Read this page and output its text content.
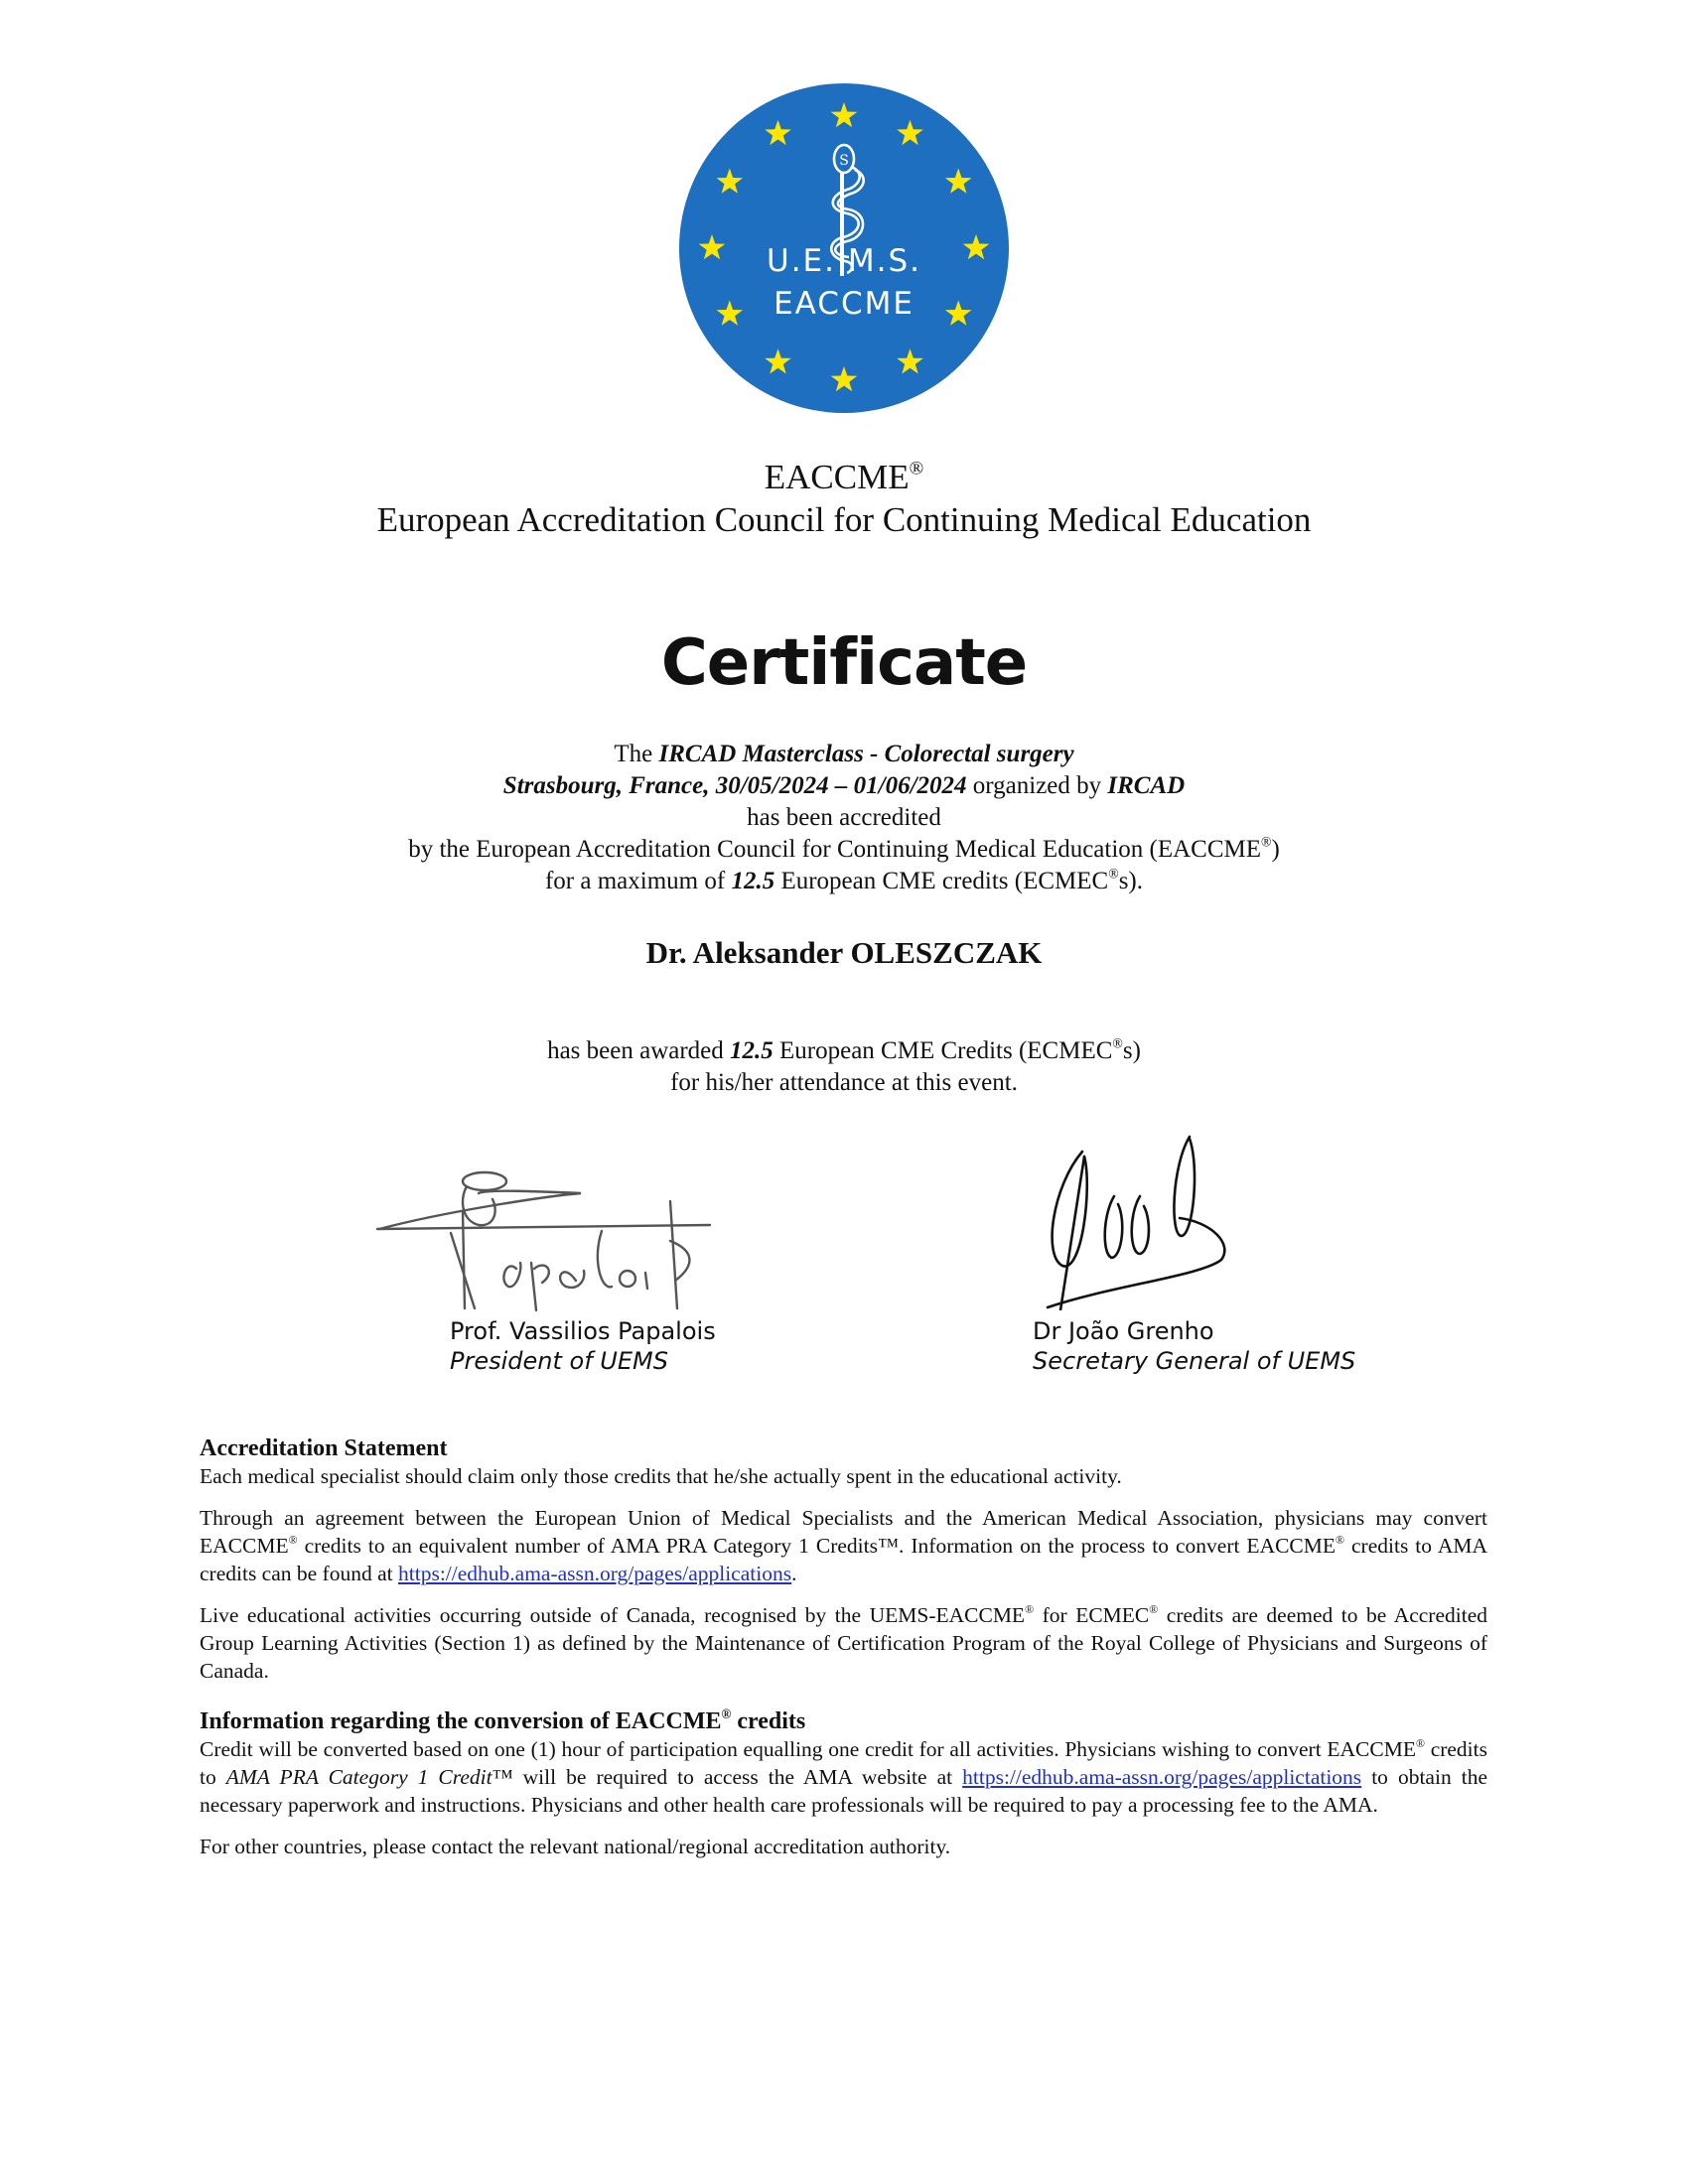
S
U.E. M.S.
EACCME
EACCME®
European Accreditation Council for Continuing Medical Education
Certificate
The IRCAD Masterclass - Colorectal surgery
Strasbourg, France, 30/05/2024 – 01/06/2024 organized by IRCAD
has been accredited
by the European Accreditation Council for Continuing Medical Education (EACCME®)
for a maximum of 12.5 European CME credits (ECMEC®s).
Dr. Aleksander OLESZCZAK
has been awarded 12.5 European CME Credits (ECMEC®s)
for his/her attendance at this event.
Prof. Vassilios Papalois
President of UEMS
Dr João Grenho
Secretary General of UEMS
Accreditation Statement

Each medical specialist should claim only those credits that he/she actually spent in the educational activity.

Through an agreement between the European Union of Medical Specialists and the American Medical Association, physicians may convert EACCME® credits to an equivalent number of AMA PRA Category 1 Credits™. Information on the process to convert EACCME® credits to AMA credits can be found at https://edhub.ama-assn.org/pages/applications.

Live educational activities occurring outside of Canada, recognised by the UEMS-EACCME® for ECMEC® credits are deemed to be Accredited Group Learning Activities (Section 1) as defined by the Maintenance of Certification Program of the Royal College of Physicians and Surgeons of Canada.

Information regarding the conversion of EACCME® credits

Credit will be converted based on one (1) hour of participation equalling one credit for all activities. Physicians wishing to convert EACCME® credits to AMA PRA Category 1 Credit™ will be required to access the AMA website at https://edhub.ama-assn.org/pages/applictations to obtain the necessary paperwork and instructions. Physicians and other health care professionals will be required to pay a processing fee to the AMA.

For other countries, please contact the relevant national/regional accreditation authority.
